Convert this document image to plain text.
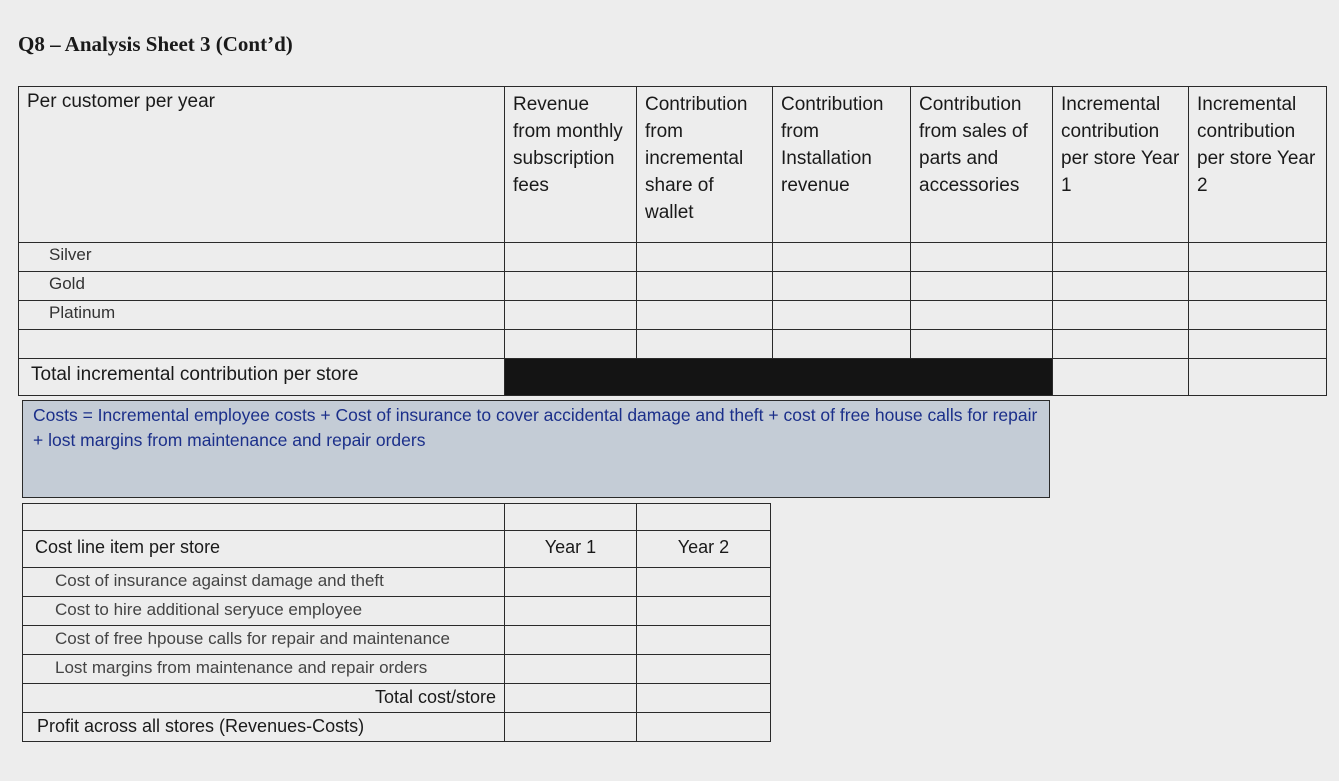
Q8 – Analysis Sheet 3 (Cont’d)
Per customer per year	Revenue from monthly subscription fees	Contribution from incremental share of wallet	Contribution from Installation revenue	Contribution from sales of parts and accessories	Incremental contribution per store Year 1	Incremental contribution per store Year 2
Silver						
Gold						
Platinum						

Total incremental contribution per store						
Costs = Incremental employee costs + Cost of insurance to cover accidental damage and theft + cost of free house calls for repair + lost margins from maintenance and repair orders

Cost line item per store	Year 1	Year 2
Cost of insurance against damage and theft		
Cost to hire additional seryuce employee		
Cost of free hpouse calls for repair and maintenance		
Lost margins from maintenance and repair orders		
Total cost/store		
Profit across all stores (Revenues-Costs)		
